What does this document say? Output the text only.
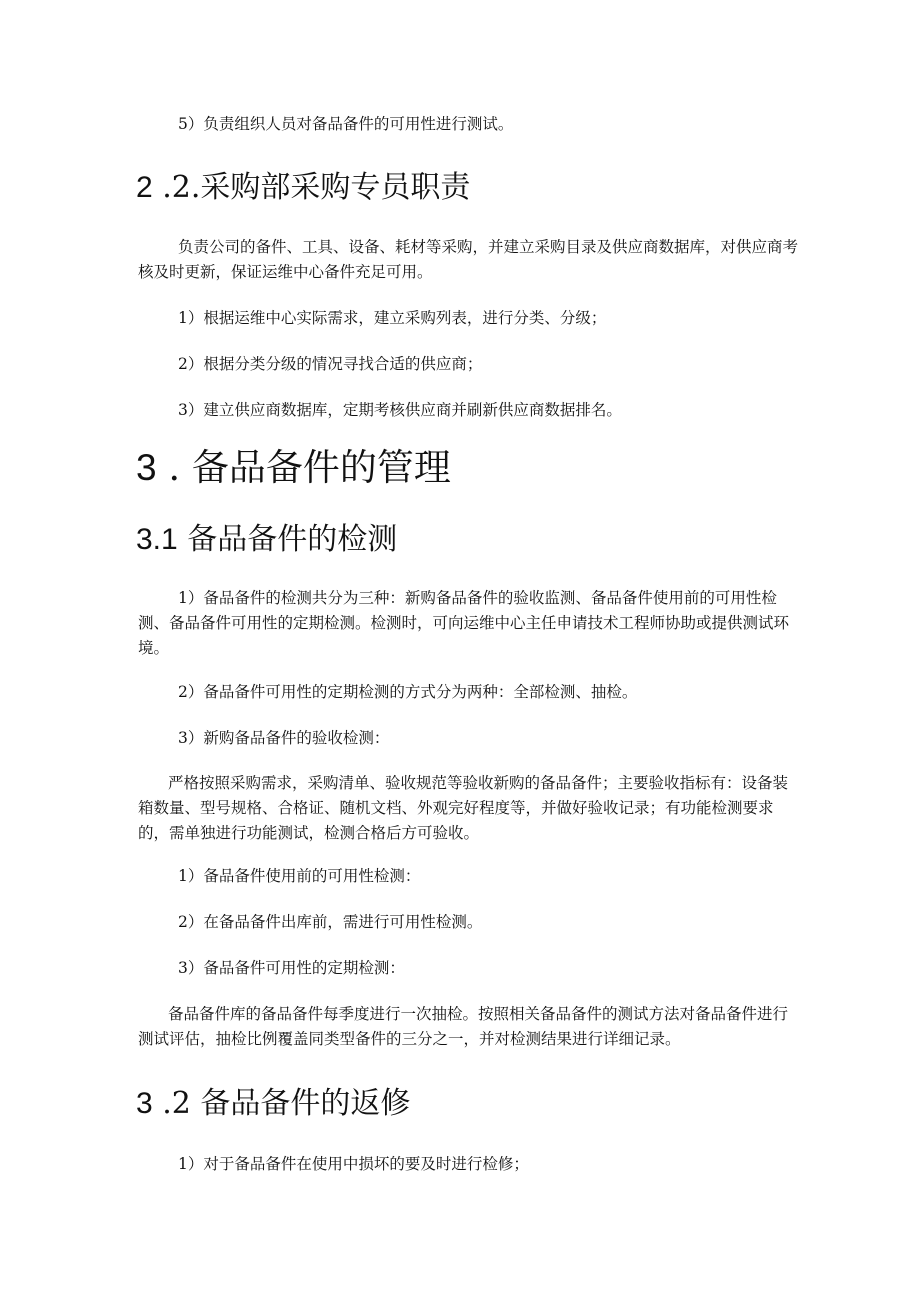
5）负责组织人员对备品备件的可用性进行测试。

2 .2.采购部采购专员职责

负责公司的备件、工具、设备、耗材等采购，并建立采购目录及供应商数据库，对供应商考核及时更新，保证运维中心备件充足可用。

1）根据运维中心实际需求，建立采购列表，进行分类、分级；

2）根据分类分级的情况寻找合适的供应商；

3）建立供应商数据库，定期考核供应商并刷新供应商数据排名。

3 . 备品备件的管理
3.1 备品备件的检测

1）备品备件的检测共分为三种：新购备品备件的验收监测、备品备件使用前的可用性检测、备品备件可用性的定期检测。检测时，可向运维中心主任申请技术工程师协助或提供测试环境。

2）备品备件可用性的定期检测的方式分为两种：全部检测、抽检。

3）新购备品备件的验收检测：

严格按照采购需求，采购清单、验收规范等验收新购的备品备件；主要验收指标有：设备装箱数量、型号规格、合格证、随机文档、外观完好程度等，并做好验收记录；有功能检测要求的，需单独进行功能测试，检测合格后方可验收。

1）备品备件使用前的可用性检测：

2）在备品备件出库前，需进行可用性检测。

3）备品备件可用性的定期检测：

备品备件库的备品备件每季度进行一次抽检。按照相关备品备件的测试方法对备品备件进行测试评估，抽检比例覆盖同类型备件的三分之一，并对检测结果进行详细记录。

3 .2 备品备件的返修

1）对于备品备件在使用中损坏的要及时进行检修；
